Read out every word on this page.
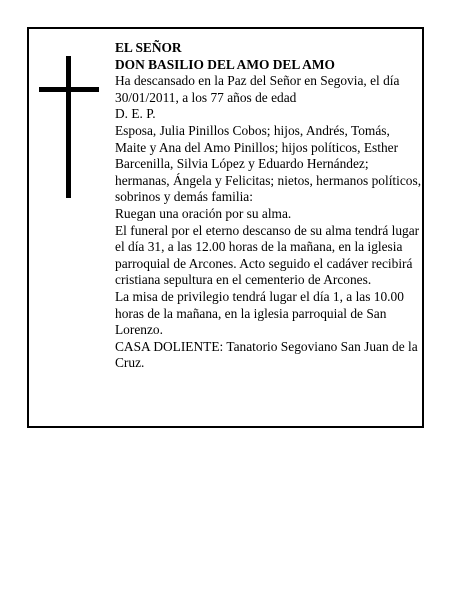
EL SEÑOR

DON BASILIO DEL AMO DEL AMO

Ha descansado en la Paz del Señor en Segovia, el día 30/01/2011, a los 77 años de edad

D. E. P.

Esposa, Julia Pinillos Cobos; hijos, Andrés, Tomás, Maite y Ana del Amo Pinillos; hijos políticos, Esther Barcenilla, Silvia López y Eduardo Hernández; hermanas, Ángela y Felicitas; nietos, hermanos políticos, sobrinos y demás familia:

Ruegan una oración por su alma.

El funeral por el eterno descanso de su alma tendrá lugar el día 31, a las 12.00 horas de la mañana, en la iglesia parroquial de Arcones. Acto seguido el cadáver recibirá cristiana sepultura en el cementerio de Arcones.

La misa de privilegio tendrá lugar el día 1, a las 10.00 horas de la mañana, en la iglesia parroquial de San Lorenzo.

CASA DOLIENTE: Tanatorio Segoviano San Juan de la Cruz.
